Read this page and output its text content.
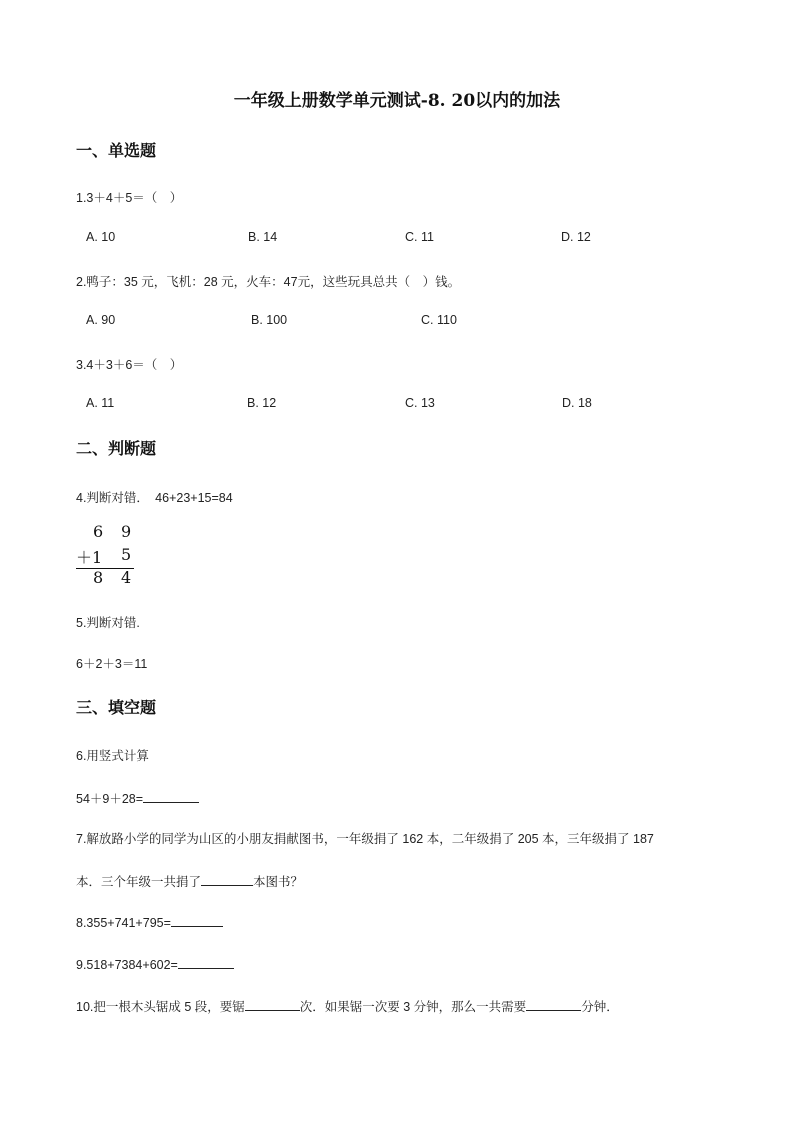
一年级上册数学单元测试-8. 20以内的加法
一、单选题
1.3＋4＋5＝（　）
A. 10	B. 14	C. 11	D. 12
2.鸭子：35 元，飞机：28 元，火车：47元，这些玩具总共（　）钱。
A. 90	B. 100	C. 110
3.4＋3＋6＝（　）
A. 11	B. 12	C. 13	D. 18
二、判断题
4.判断对错．　46+23+15=84
6 9
＋1 5
8 4
5.判断对错.
6＋2＋3＝11
三、填空题
6.用竖式计算
54＋9＋28=
7.解放路小学的同学为山区的小朋友捐献图书，一年级捐了 162 本，二年级捐了 205 本，三年级捐了 187
本．三个年级一共捐了	本图书？
8.355+741+795=
9.518+7384+602=
10.把一根木头锯成 5 段，要锯	次．如果锯一次要 3 分钟，那么一共需要	分钟．
